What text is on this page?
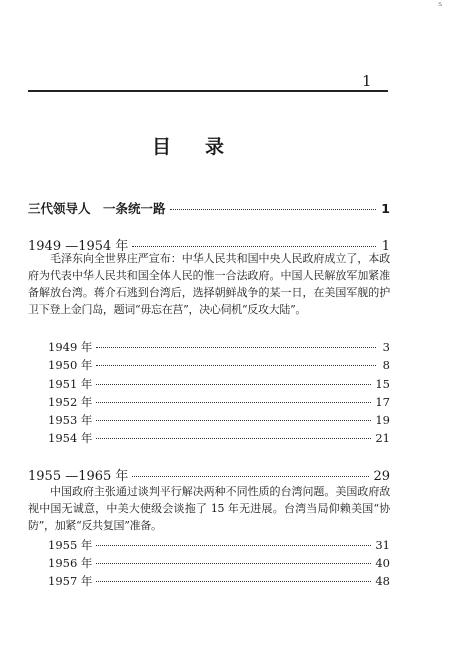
⁵
1
目录
三代领导人　一条统一路	1
1949 —1954 年	1
毛泽东向全世界庄严宣布：中华人民共和国中央人民政府成立了，本政府为代表中华人民共和国全体人民的惟一合法政府。中国人民解放军加紧准备解放台湾。蒋介石逃到台湾后，选择朝鲜战争的某一日，在美国军舰的护卫下登上金门岛，题词“毋忘在莒”，决心伺机“反攻大陆”。
1949 年	3
1950 年	8
1951 年	15
1952 年	17
1953 年	19
1954 年	21
1955 —1965 年	29
中国政府主张通过谈判平行解决两种不同性质的台湾问题。美国政府敌视中国无诚意，中美大使级会谈拖了 15 年无进展。台湾当局仰赖美国“协防”，加紧“反共复国”准备。
1955 年	31
1956 年	40
1957 年	48
